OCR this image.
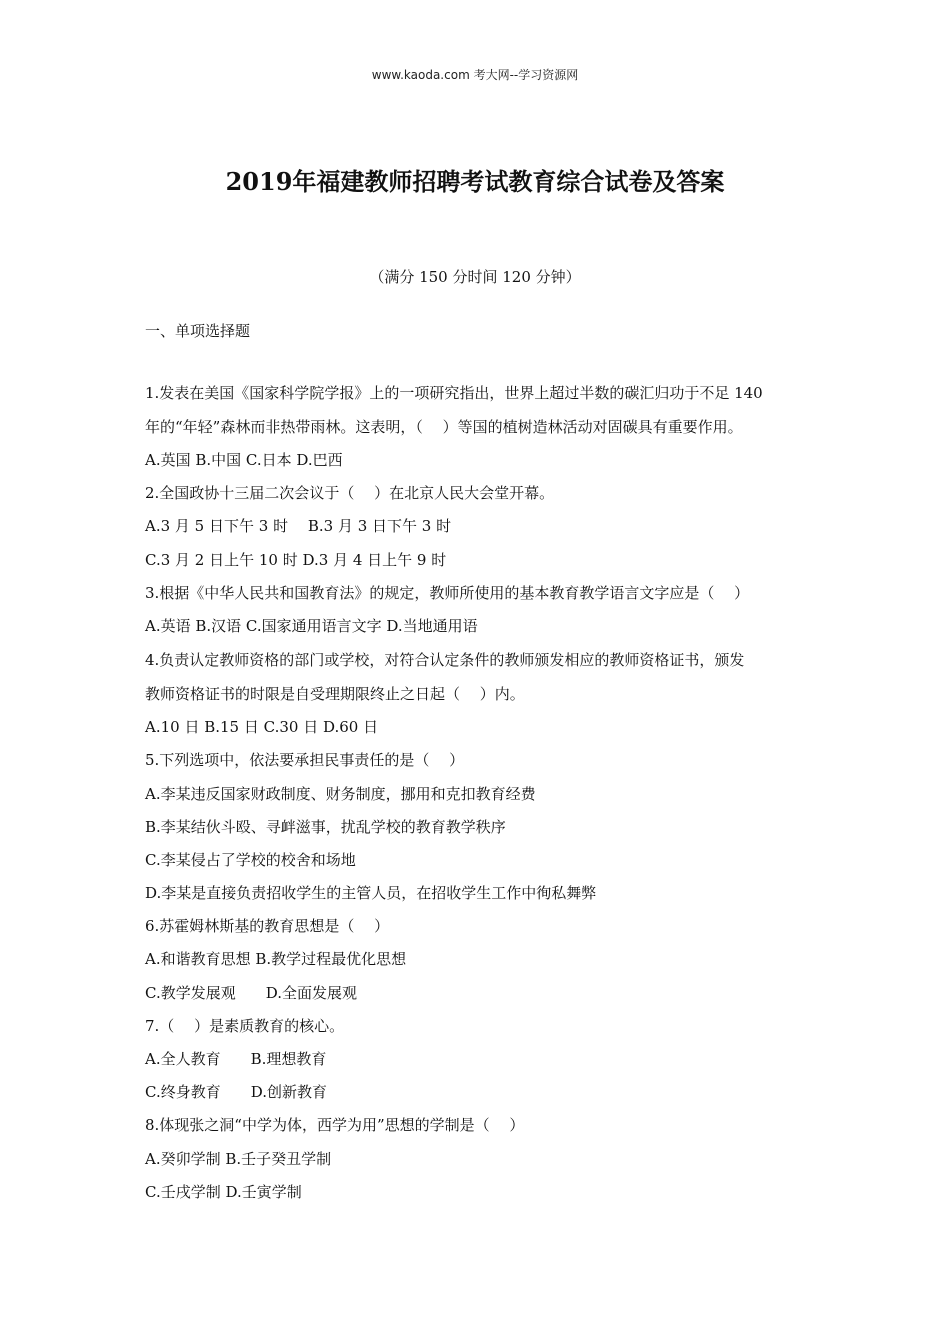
www.kaoda.com 考大网--学习资源网
2019年福建教师招聘考试教育综合试卷及答案
（满分 150 分时间 120 分钟）
一、单项选择题
1.发表在美国《国家科学院学报》上的一项研究指出，世界上超过半数的碳汇归功于不足 140
年的“年轻”森林而非热带雨林。这表明，（　 ）等国的植树造林活动对固碳具有重要作用。
A.英国 B.中国 C.日本 D.巴西
2.全国政协十三届二次会议于（　 ）在北京人民大会堂开幕。
A.3 月 5 日下午 3 时　 B.3 月 3 日下午 3 时
C.3 月 2 日上午 10 时 D.3 月 4 日上午 9 时
3.根据《中华人民共和国教育法》的规定，教师所使用的基本教育教学语言文字应是（　 ）
A.英语 B.汉语 C.国家通用语言文字 D.当地通用语
4.负责认定教师资格的部门或学校，对符合认定条件的教师颁发相应的教师资格证书，颁发
教师资格证书的时限是自受理期限终止之日起（　 ）内。
A.10 日 B.15 日 C.30 日 D.60 日
5.下列选项中，依法要承担民事责任的是（　 ）
A.李某违反国家财政制度、财务制度，挪用和克扣教育经费
B.李某结伙斗殴、寻衅滋事，扰乱学校的教育教学秩序
C.李某侵占了学校的校舍和场地
D.李某是直接负责招收学生的主管人员，在招收学生工作中徇私舞弊
6.苏霍姆林斯基的教育思想是（　 ）
A.和谐教育思想 B.教学过程最优化思想
C.教学发展观　　D.全面发展观
7.（　 ）是素质教育的核心。
A.全人教育　　B.理想教育
C.终身教育　　D.创新教育
8.体现张之洞“中学为体，西学为用”思想的学制是（　 ）
A.癸卯学制 B.壬子癸丑学制
C.壬戌学制 D.壬寅学制
